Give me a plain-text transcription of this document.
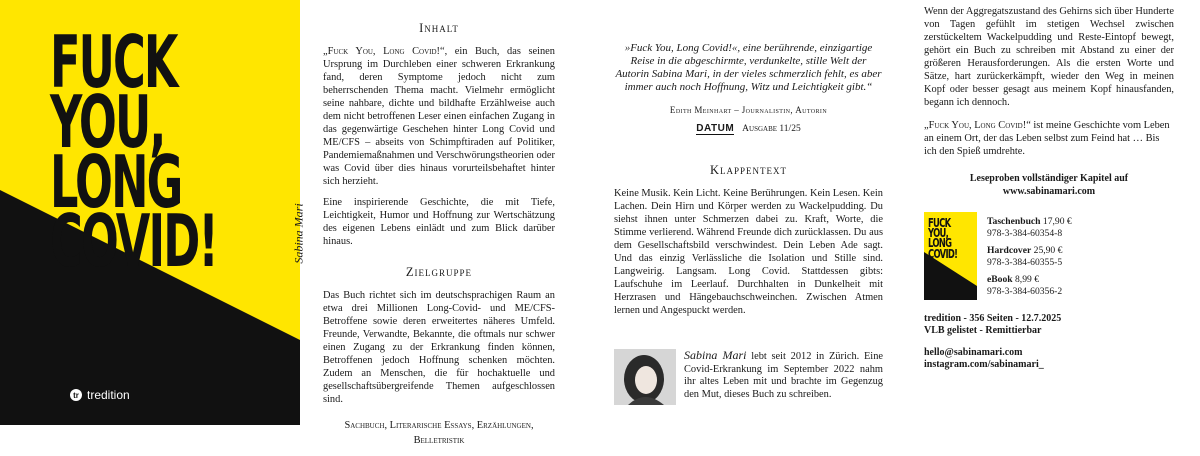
FUCK
YOU,
LONG
COVID!
tr tredition
Sabina Mari
Inhalt

„Fuck You, Long Covid!“, ein Buch, das seinen Ursprung im Durchleben einer schweren Erkrankung fand, deren Symptome jedoch nicht zum beherrschenden Thema macht. Vielmehr ermöglicht seine nahbare, dichte und bildhafte Erzählweise auch dem nicht betroffenen Leser einen einfachen Zugang in das gegenwärtige Geschehen hinter Long Covid und ME/CFS – abseits von Schimpftiraden auf Politiker, Pandemiemaßnahmen und Verschwörungstheorien oder was Covid über dies hinaus vorurteilsbehaftet hinter sich herzieht.

Eine inspirierende Geschichte, die mit Tiefe, Leichtigkeit, Humor und Hoffnung zur Wertschätzung des eigenen Lebens einlädt und zum Blick darüber hinaus.

Zielgruppe

Das Buch richtet sich im deutschsprachigen Raum an etwa drei Millionen Long-Covid- und ME/CFS-Betroffene sowie deren erweitertes näheres Umfeld. Freunde, Verwandte, Bekannte, die oftmals nur schwer einen Zugang zu der Erkrankung finden können, Betroffenen jedoch Hoffnung schenken möchten. Zudem an Menschen, die für hochaktuelle und gesellschaftsübergreifende Themen aufgeschlossen sind.

Sachbuch, Literarische Essays, Erzählungen, Belletristik

»Fuck You, Long Covid!«, eine berührende, einzigartige Reise in die abgeschirmte, verdunkelte, stille Welt der Autorin Sabina Mari, in der vieles schmerzlich fehlt, es aber immer auch noch Hoffnung, Witz und Leichtigkeit gibt.“

Edith Meinhart – Journalistin, Autorin

DATUM Ausgabe 11/25
Klappentext

Keine Musik. Kein Licht. Keine Berührungen. Kein Lesen. Kein Lachen. Dein Hirn und Körper werden zu Wackelpudding. Du siehst ihnen unter Schmerzen dabei zu. Kraft, Worte, die Stimme verlierend. Während Freunde dich zurücklassen. Du aus dem Gesellschaftsbild verschwindest. Dein Leben Ade sagt. Und das einzig Verlässliche die Isolation und Stille sind. Langweirig. Langsam. Long Covid. Stattdessen gibts: Laufschuhe im Leerlauf. Durchhalten in Dunkelheit mit Herzrasen und Hängebauchschweinchen. Zwischen Atmen lernen und Angespuckt werden.

Sabina Mari lebt seit 2012 in Zürich. Eine Covid-Erkrankung im September 2022 nahm ihr altes Leben mit und brachte im Gegenzug den Mut, dieses Buch zu schreiben.

Wenn der Aggregatszustand des Gehirns sich über Hunderte von Tagen gefühlt im stetigen Wechsel zwischen zerstückeltem Wackelpudding und Reste-Eintopf bewegt, gehört ein Buch zu schreiben mit Abstand zu einer der größeren Herausforderungen. Als die ersten Worte und Sätze, hart zurückerkämpft, wieder den Weg in meinen Kopf oder besser gesagt aus meinem Kopf hinausfanden, begann ich dennoch.

„Fuck You, Long Covid!“ ist meine Geschichte vom Leben an einem Ort, der das Leben selbst zum Feind hat … Bis ich den Spieß umdrehte.

Leseproben vollständiger Kapitel auf

www.sabinamari.com

FUCK
YOU,
LONG
COVID!
Taschenbuch 17,90 €
978-3-384-60354-8
Hardcover 25,90 €
978-3-384-60355-5
eBook 8,99 €
978-3-384-60356-2

tredition - 356 Seiten - 12.7.2025

VLB gelistet - Remittierbar

hello@sabinamari.com

instagram.com/sabinamari_
